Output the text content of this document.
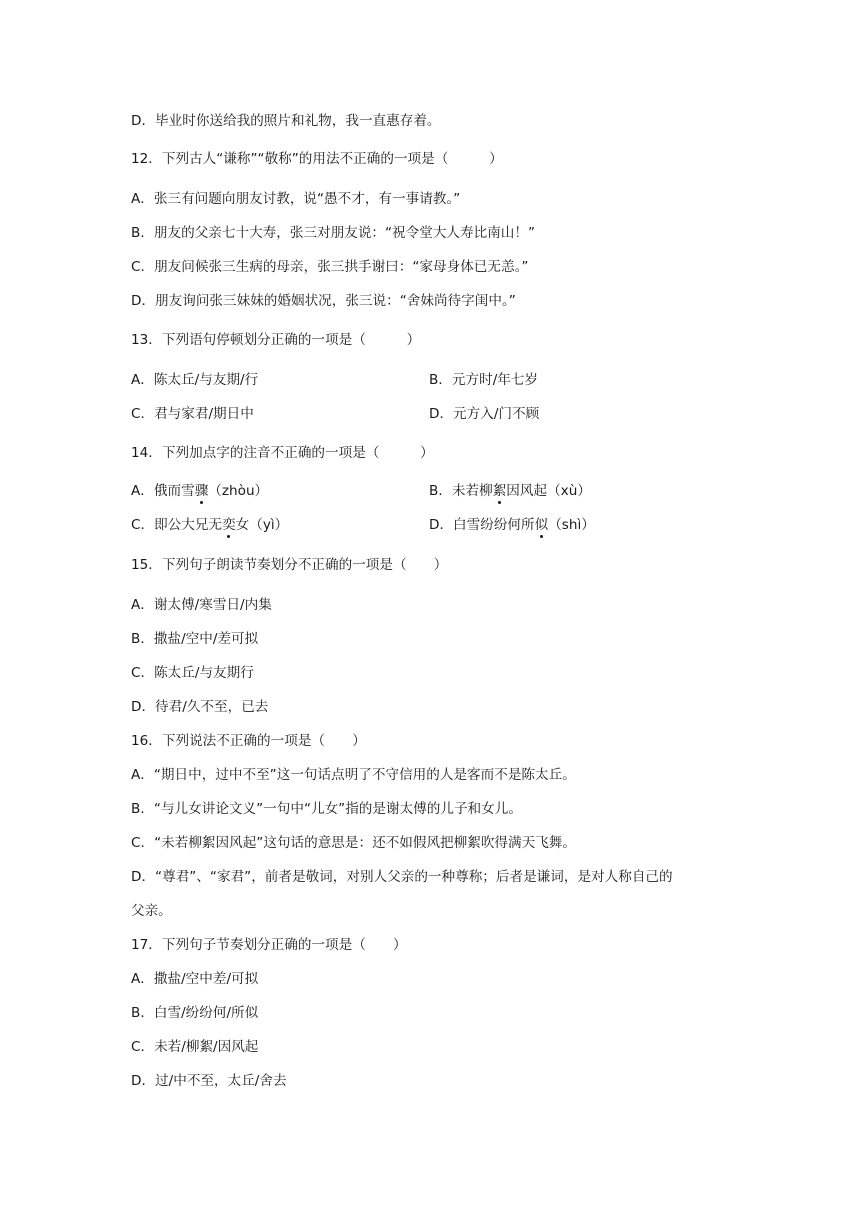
D．毕业时你送给我的照片和礼物，我一直惠存着。
12．下列古人“谦称”“敬称”的用法不正确的一项是（　　　）
A．张三有问题向朋友讨教，说“愚不才，有一事请教。”
B．朋友的父亲七十大寿，张三对朋友说：“祝令堂大人寿比南山！”
C．朋友问候张三生病的母亲，张三拱手谢曰：“家母身体已无恙。”
D．朋友询问张三妹妹的婚姻状况，张三说：“舍妹尚待字闺中。”
13．下列语句停顿划分正确的一项是（　　　）
A．陈太丘/与友期/行	B．元方时/年七岁
C．君与家君/期日中	D．元方入/门不顾
14．下列加点字的注音不正确的一项是（　　　）
A．俄而雪骤（zhòu）	B．未若柳絮因风起（xù）
C．即公大兄无奕女（yì）	D．白雪纷纷何所似（shì）
15．下列句子朗读节奏划分不正确的一项是（　　）
A．谢太傅/寒雪日/内集
B．撒盐/空中/差可拟
C．陈太丘/与友期行
D．待君/久不至，已去
16．下列说法不正确的一项是（　　）
A．“期日中，过中不至”这一句话点明了不守信用的人是客而不是陈太丘。
B．“与儿女讲论文义”一句中“儿女”指的是谢太傅的儿子和女儿。
C．“未若柳絮因风起”这句话的意思是：还不如假风把柳絮吹得满天飞舞。
D．“尊君”、“家君”，前者是敬词，对别人父亲的一种尊称；后者是谦词，是对人称自己的
父亲。
17．下列句子节奏划分正确的一项是（　　）
A．撒盐/空中差/可拟
B．白雪/纷纷何/所似
C．未若/柳絮/因风起
D．过/中不至，太丘/舍去
